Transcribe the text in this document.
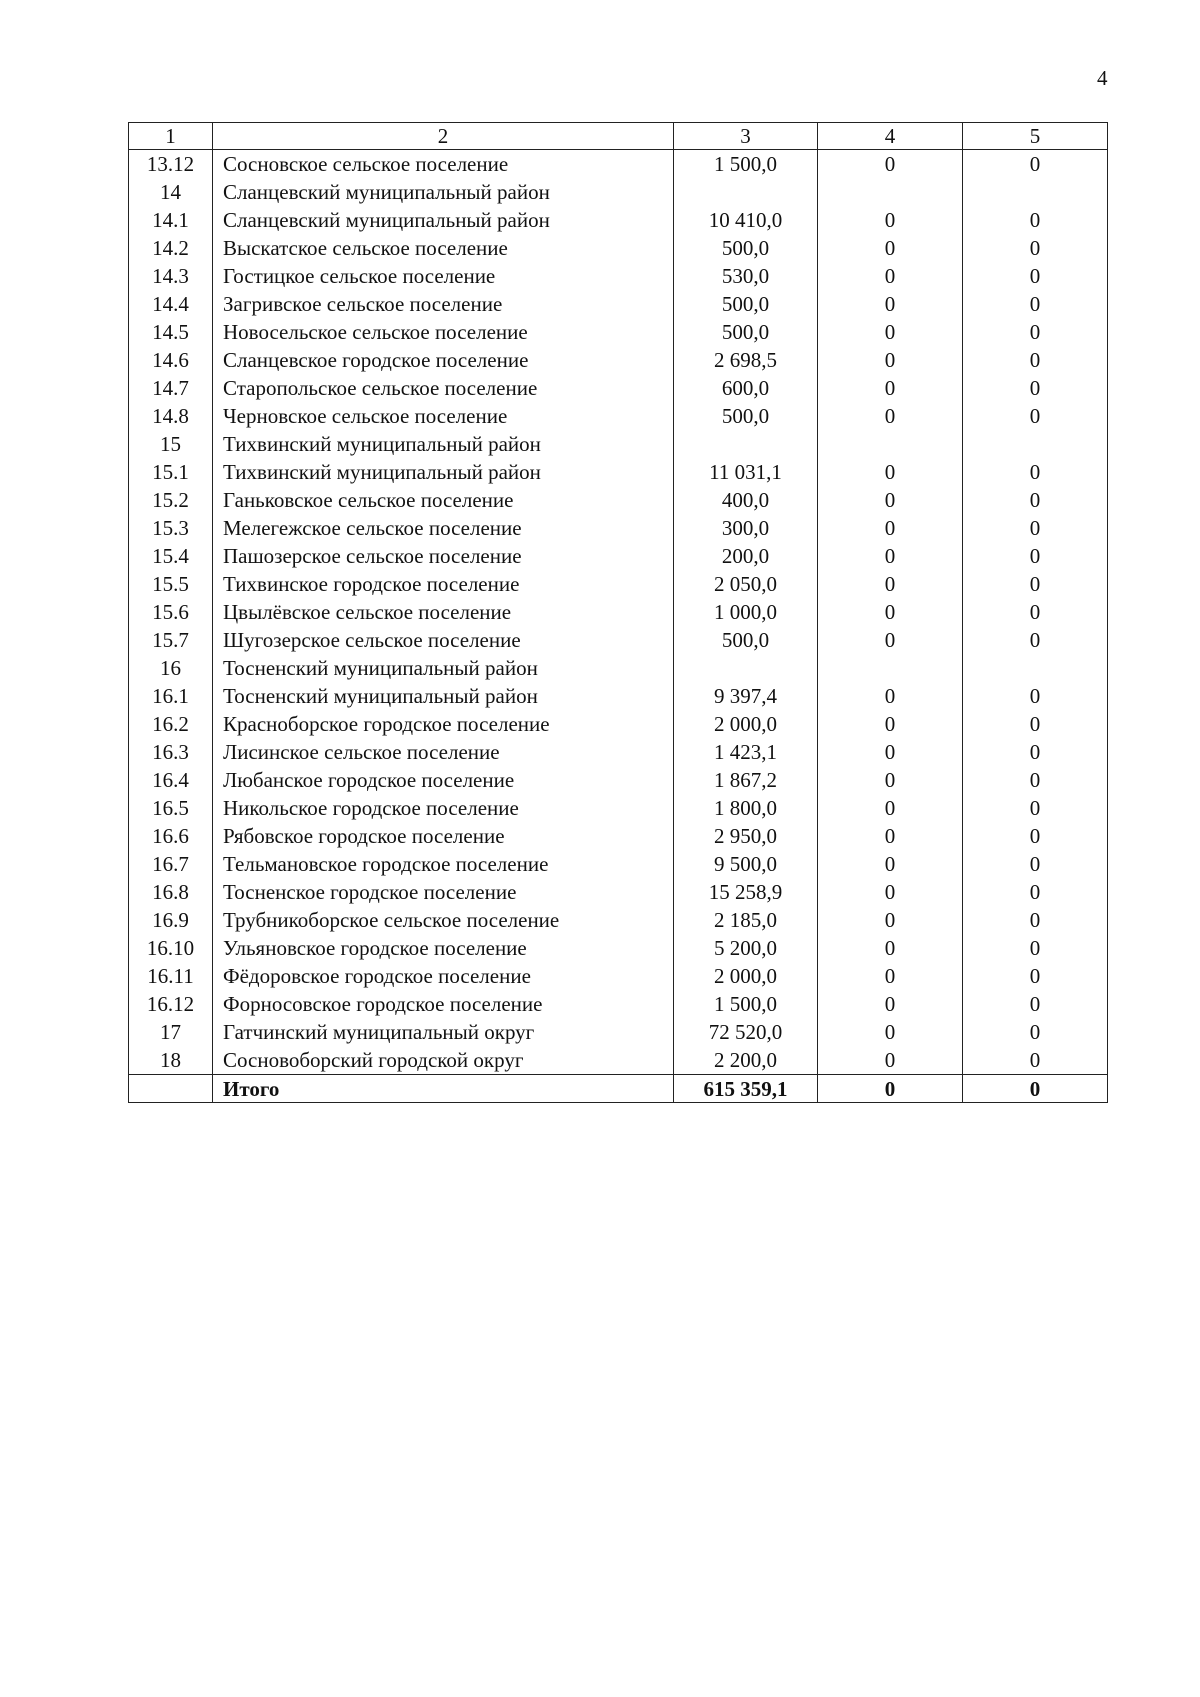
4
1	2	3	4	5
13.12	Сосновское сельское поселение	1 500,0	0	0
14	Сланцевский муниципальный район			
14.1	Сланцевский муниципальный район	10 410,0	0	0
14.2	Выскатское сельское поселение	500,0	0	0
14.3	Гостицкое сельское поселение	530,0	0	0
14.4	Загривское сельское поселение	500,0	0	0
14.5	Новосельское сельское поселение	500,0	0	0
14.6	Сланцевское городское поселение	2 698,5	0	0
14.7	Старопольское сельское поселение	600,0	0	0
14.8	Черновское сельское поселение	500,0	0	0
15	Тихвинский муниципальный район			
15.1	Тихвинский муниципальный район	11 031,1	0	0
15.2	Ганьковское сельское поселение	400,0	0	0
15.3	Мелегежское сельское поселение	300,0	0	0
15.4	Пашозерское сельское поселение	200,0	0	0
15.5	Тихвинское городское поселение	2 050,0	0	0
15.6	Цвылёвское сельское поселение	1 000,0	0	0
15.7	Шугозерское сельское поселение	500,0	0	0
16	Тосненский муниципальный район			
16.1	Тосненский муниципальный район	9 397,4	0	0
16.2	Красноборское городское поселение	2 000,0	0	0
16.3	Лисинское сельское поселение	1 423,1	0	0
16.4	Любанское городское поселение	1 867,2	0	0
16.5	Никольское городское поселение	1 800,0	0	0
16.6	Рябовское городское поселение	2 950,0	0	0
16.7	Тельмановское городское поселение	9 500,0	0	0
16.8	Тосненское городское поселение	15 258,9	0	0
16.9	Трубникоборское сельское поселение	2 185,0	0	0
16.10	Ульяновское городское поселение	5 200,0	0	0
16.11	Фёдоровское городское поселение	2 000,0	0	0
16.12	Форносовское городское поселение	1 500,0	0	0
17	Гатчинский муниципальный округ	72 520,0	0	0
18	Сосновоборский городской округ	2 200,0	0	0
	Итого	615 359,1	0	0
